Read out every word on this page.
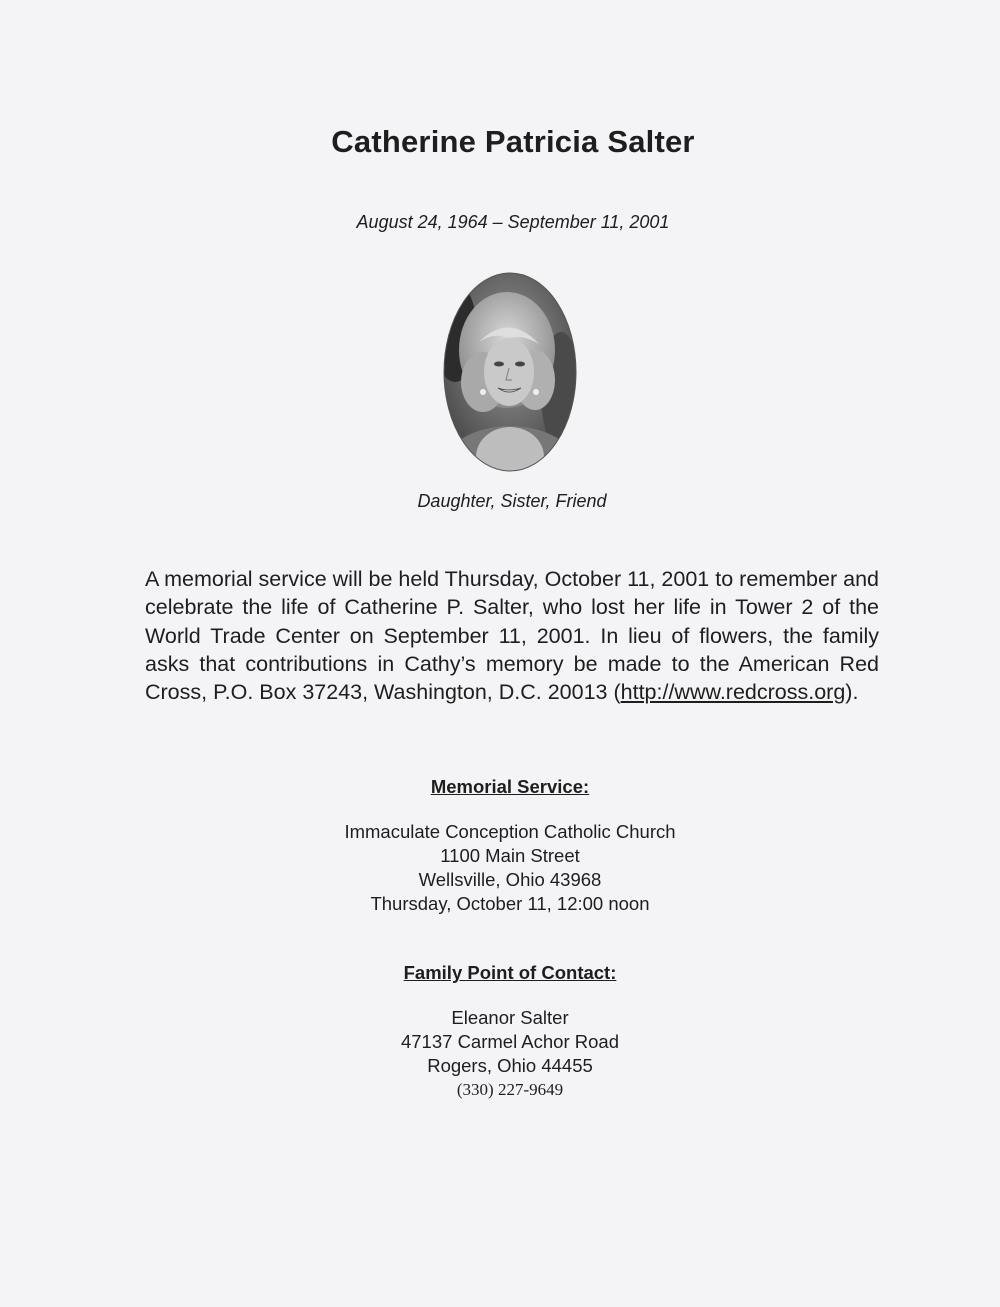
Catherine Patricia Salter
August 24, 1964 – September 11, 2001
Daughter, Sister, Friend
A memorial service will be held Thursday, October 11, 2001 to remember and celebrate the life of Catherine P. Salter, who lost her life in Tower 2 of the World Trade Center on September 11, 2001. In lieu of flowers, the family asks that contributions in Cathy’s memory be made to the American Red Cross, P.O. Box 37243, Washington, D.C. 20013 (http://www.redcross.org).
Memorial Service:
Immaculate Conception Catholic Church
1100 Main Street
Wellsville, Ohio 43968
Thursday, October 11, 12:00 noon
Family Point of Contact:
Eleanor Salter
47137 Carmel Achor Road
Rogers, Ohio 44455
(330) 227-9649
